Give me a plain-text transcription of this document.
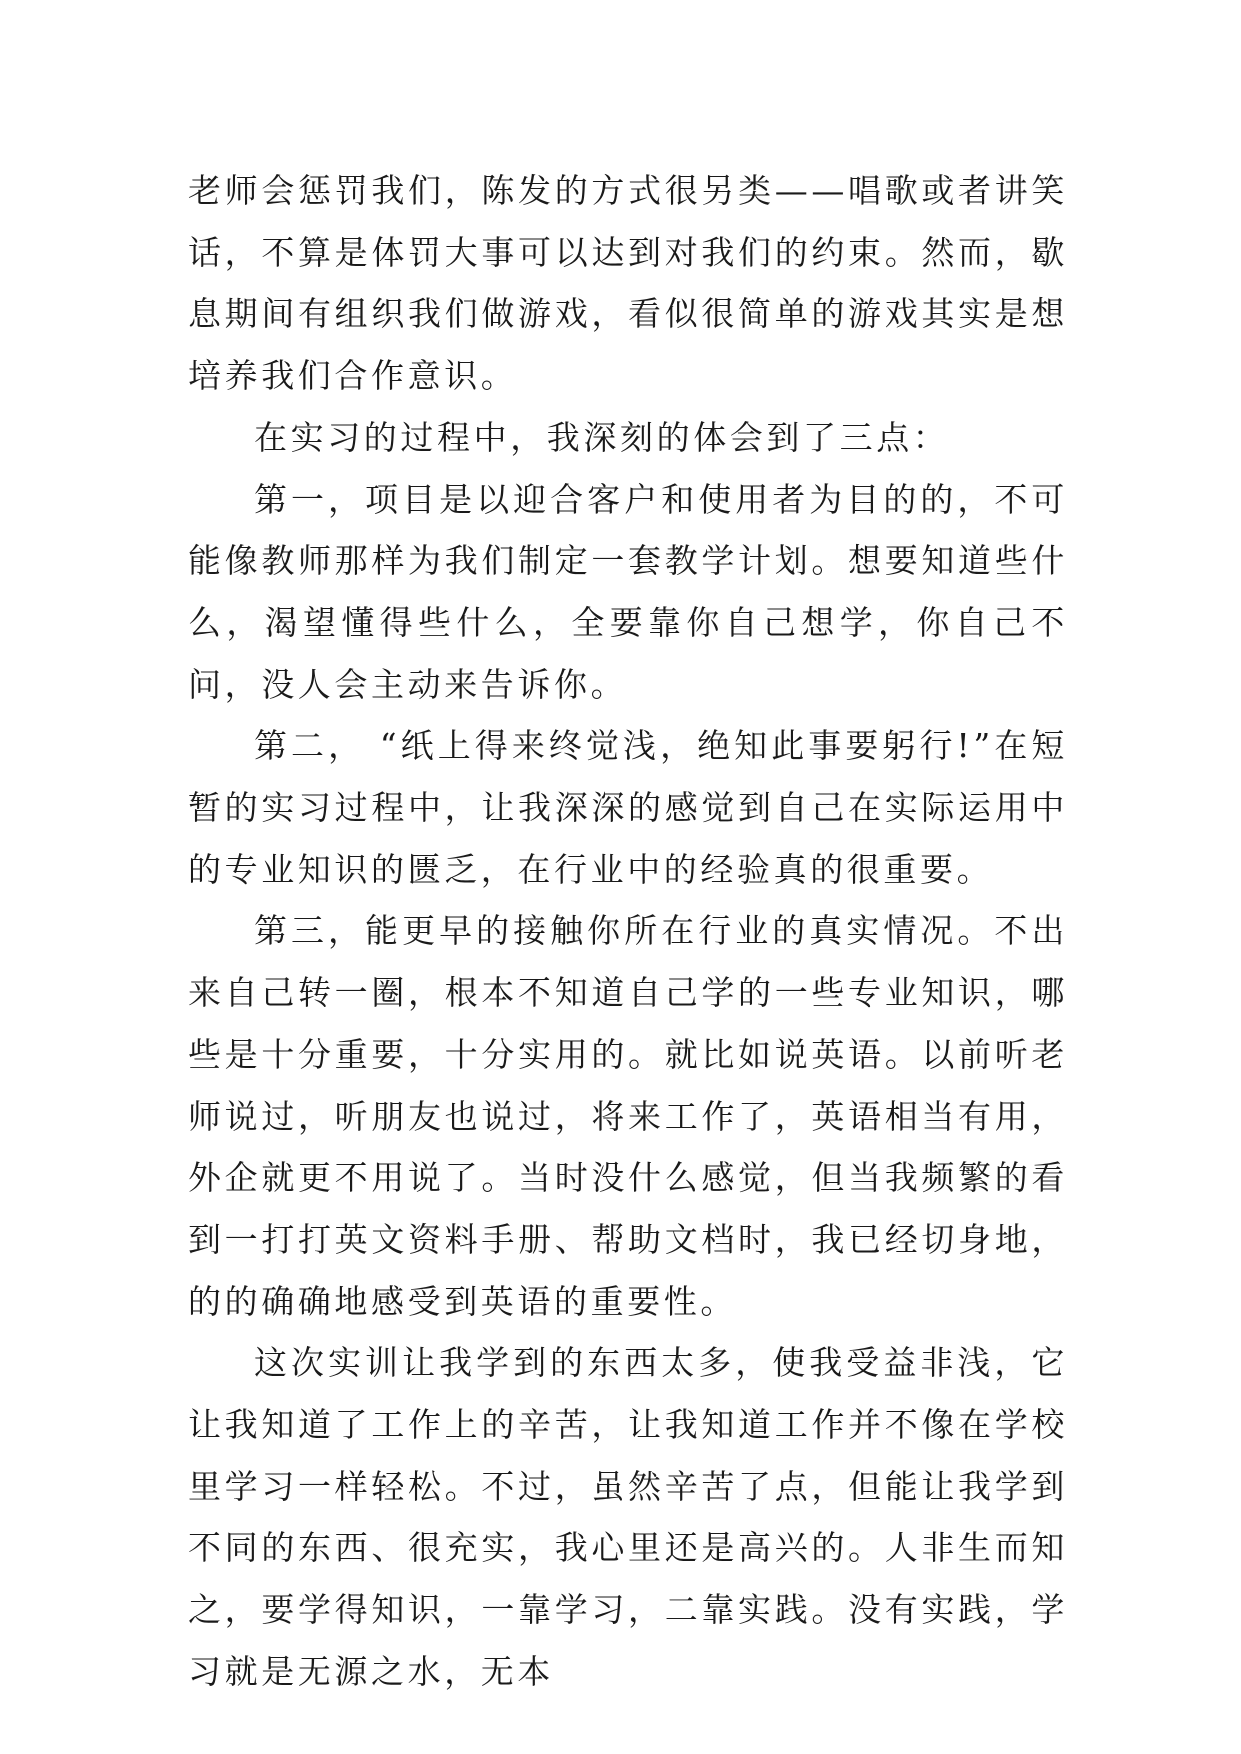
老师会惩罚我们，陈发的方式很另类——唱歌或者讲笑话，不算是体罚大事可以达到对我们的约束。然而，歇息期间有组织我们做游戏，看似很简单的游戏其实是想培养我们合作意识。

在实习的过程中，我深刻的体会到了三点：

第一，项目是以迎合客户和使用者为目的的，不可能像教师那样为我们制定一套教学计划。想要知道些什么，渴望懂得些什么，全要靠你自己想学，你自己不问，没人会主动来告诉你。

第二， “纸上得来终觉浅，绝知此事要躬行!”在短暂的实习过程中，让我深深的感觉到自己在实际运用中的专业知识的匮乏，在行业中的经验真的很重要。

第三，能更早的接触你所在行业的真实情况。不出来自己转一圈，根本不知道自己学的一些专业知识，哪些是十分重要，十分实用的。就比如说英语。以前听老师说过，听朋友也说过，将来工作了，英语相当有用，外企就更不用说了。当时没什么感觉，但当我频繁的看到一打打英文资料手册、帮助文档时，我已经切身地，的的确确地感受到英语的重要性。

这次实训让我学到的东西太多，使我受益非浅，它让我知道了工作上的辛苦，让我知道工作并不像在学校里学习一样轻松。不过，虽然辛苦了点，但能让我学到不同的东西、很充实，我心里还是高兴的。人非生而知之，要学得知识，一靠学习，二靠实践。没有实践，学习就是无源之水，无本
